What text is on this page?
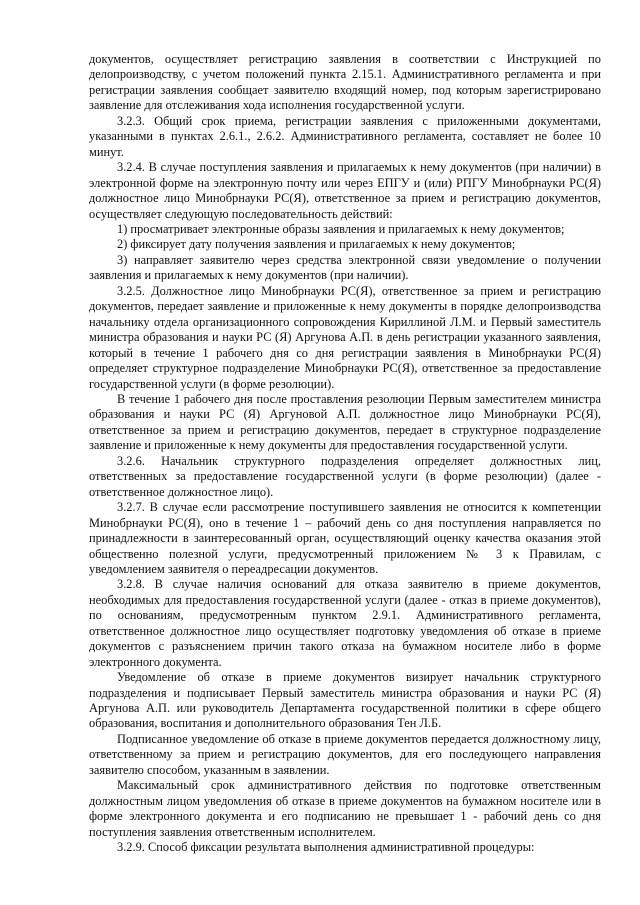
документов, осуществляет регистрацию заявления в соответствии с Инструкцией по делопроизводству, с учетом положений пункта 2.15.1. Административного регламента и при регистрации заявления сообщает заявителю входящий номер, под которым зарегистрировано заявление для отслеживания хода исполнения государственной услуги.

3.2.3. Общий срок приема, регистрации заявления с приложенными документами, указанными в пунктах 2.6.1., 2.6.2. Административного регламента, составляет не более 10 минут.

3.2.4. В случае поступления заявления и прилагаемых к нему документов (при наличии) в электронной форме на электронную почту или через ЕПГУ и (или) РПГУ Минобрнауки РС(Я) должностное лицо Минобрнауки РС(Я), ответственное за прием и регистрацию документов, осуществляет следующую последовательность действий:

1) просматривает электронные образы заявления и прилагаемых к нему документов;

2) фиксирует дату получения заявления и прилагаемых к нему документов;

3) направляет заявителю через средства электронной связи уведомление о получении заявления и прилагаемых к нему документов (при наличии).

3.2.5. Должностное лицо Минобрнауки РС(Я), ответственное за прием и регистрацию документов, передает заявление и приложенные к нему документы в порядке делопроизводства начальнику отдела организационного сопровождения Кириллиной Л.М. и Первый заместитель министра образования и науки РС (Я) Аргунова А.П. в день регистрации указанного заявления, который в течение 1 рабочего дня со дня регистрации заявления в Минобрнауки РС(Я) определяет структурное подразделение Минобрнауки РС(Я), ответственное за предоставление государственной услуги (в форме резолюции).

В течение 1 рабочего дня после проставления резолюции Первым заместителем министра образования и науки РС (Я) Аргуновой А.П. должностное лицо Минобрнауки РС(Я), ответственное за прием и регистрацию документов, передает в структурное подразделение заявление и приложенные к нему документы для предоставления государственной услуги.

3.2.6. Начальник структурного подразделения определяет должностных лиц, ответственных за предоставление государственной услуги (в форме резолюции) (далее - ответственное должностное лицо).

3.2.7. В случае если рассмотрение поступившего заявления не относится к компетенции Минобрнауки РС(Я), оно в течение 1 – рабочий день со дня поступления направляется по принадлежности в заинтересованный орган, осуществляющий оценку качества оказания этой общественно полезной услуги, предусмотренный приложением № 3 к Правилам, с уведомлением заявителя о переадресации документов.

3.2.8. В случае наличия оснований для отказа заявителю в приеме документов, необходимых для предоставления государственной услуги (далее - отказ в приеме документов), по основаниям, предусмотренным пунктом 2.9.1. Административного регламента, ответственное должностное лицо осуществляет подготовку уведомления об отказе в приеме документов с разъяснением причин такого отказа на бумажном носителе либо в форме электронного документа.

Уведомление об отказе в приеме документов визирует начальник структурного подразделения и подписывает Первый заместитель министра образования и науки РС (Я) Аргунова А.П. или руководитель Департамента государственной политики в сфере общего образования, воспитания и дополнительного образования Тен Л.Б.

Подписанное уведомление об отказе в приеме документов передается должностному лицу, ответственному за прием и регистрацию документов, для его последующего направления заявителю способом, указанным в заявлении.

Максимальный срок административного действия по подготовке ответственным должностным лицом уведомления об отказе в приеме документов на бумажном носителе или в форме электронного документа и его подписанию не превышает 1 - рабочий день со дня поступления заявления ответственным исполнителем.

3.2.9. Способ фиксации результата выполнения административной процедуры:
